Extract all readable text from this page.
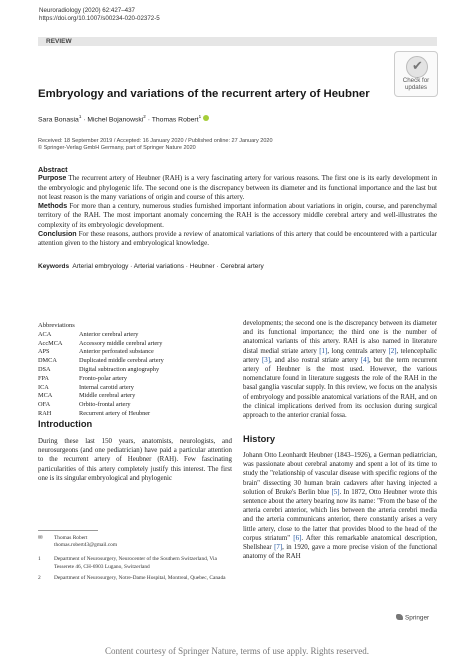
Neuroradiology (2020) 62:427–437
https://doi.org/10.1007/s00234-020-02372-5
REVIEW
✔
Check for
updates
Embryology and variations of the recurrent artery of Heubner
Sara Bonasia$^1$ · Michel Bojanowski$^2$ · Thomas Robert$^1$
Received: 18 September 2019 / Accepted: 16 January 2020 / Published online: 27 January 2020
© Springer-Verlag GmbH Germany, part of Springer Nature 2020
Abstract

Purpose The recurrent artery of Heubner (RAH) is a very fascinating artery for various reasons. The first one is its early development in the embryologic and phylogenic life. The second one is the discrepancy between its diameter and its functional importance and the last but not least reason is the many variations of origin and course of this artery.

Methods For more than a century, numerous studies furnished important information about variations in origin, course, and parenchymal territory of the RAH. The most important anomaly concerning the RAH is the accessory middle cerebral artery and well-illustrates the complexity of its embryologic development.

Conclusion For these reasons, authors provide a review of anatomical variations of this artery that could be encountered with a particular attention given to the history and embryological knowledge.

Keywords Arterial embryology · Arterial variations · Heubner · Cerebral artery
Abbreviations
ACA	Anterior cerebral artery
AccMCA	Accessory middle cerebral artery
APS	Anterior perforated substance
DMCA	Duplicated middle cerebral artery
DSA	Digital subtraction angiography
FPA	Fronto-polar artery
ICA	Internal carotid artery
MCA	Middle cerebral artery
OFA	Orbito-frontal artery
RAH	Recurrent artery of Heubner
Introduction
During these last 150 years, anatomists, neurologists, and neurosurgeons (and one pediatrician) have paid a particular attention to the recurrent artery of Heubner (RAH). Few fascinating particularities of this artery completely justify this interest. The first one is its singular embryological and phylogenic
developments; the second one is the discrepancy between its diameter and its functional importance; the third one is the number of anatomical variants of this artery. RAH is also named in literature distal medial striate artery [1], long centrals artery [2], telencephalic artery [3], and also rostral striate artery [4], but the term recurrent artery of Heubner is the most used. However, the various nomenclature found in literature suggests the role of the RAH in the basal ganglia vascular supply. In this review, we focus on the analysis of embryology and possible anatomical variations of the RAH, and on the clinical implications derived from its occlusion during surgical approach to the anterior cranial fossa.
History
Johann Otto Leonhardt Heubner (1843–1926), a German pediatrician, was passionate about cerebral anatomy and spent a lot of its time to study the "relationship of vascular disease with specific regions of the brain" dissecting 30 human brain cadavers after having injected a solution of Bruke's Berlin blue [5]. In 1872, Otto Heubner wrote this sentence about the artery bearing now its name: "From the base of the arteria cerebri anterior, which lies between the arteria cerebri media and the arteria communicans anterior, there constantly arises a very little artery, close to the latter that provides blood to the head of the corpus striatum" [6]. After this remarkable anatomical description, Shellshear [7], in 1920, gave a more precise vision of the functional anatomy of the RAH
✉ Thomas Robert
thomas.robert43@gmail.com
1 Department of Neurosurgery, Neurocenter of the Southern Switzerland, Via Tesserete 46, CH-6903 Lugano, Switzerland
2 Department of Neurosurgery, Notre-Dame Hospital, Montreal, Quebec, Canada
Springer
Content courtesy of Springer Nature, terms of use apply. Rights reserved.
